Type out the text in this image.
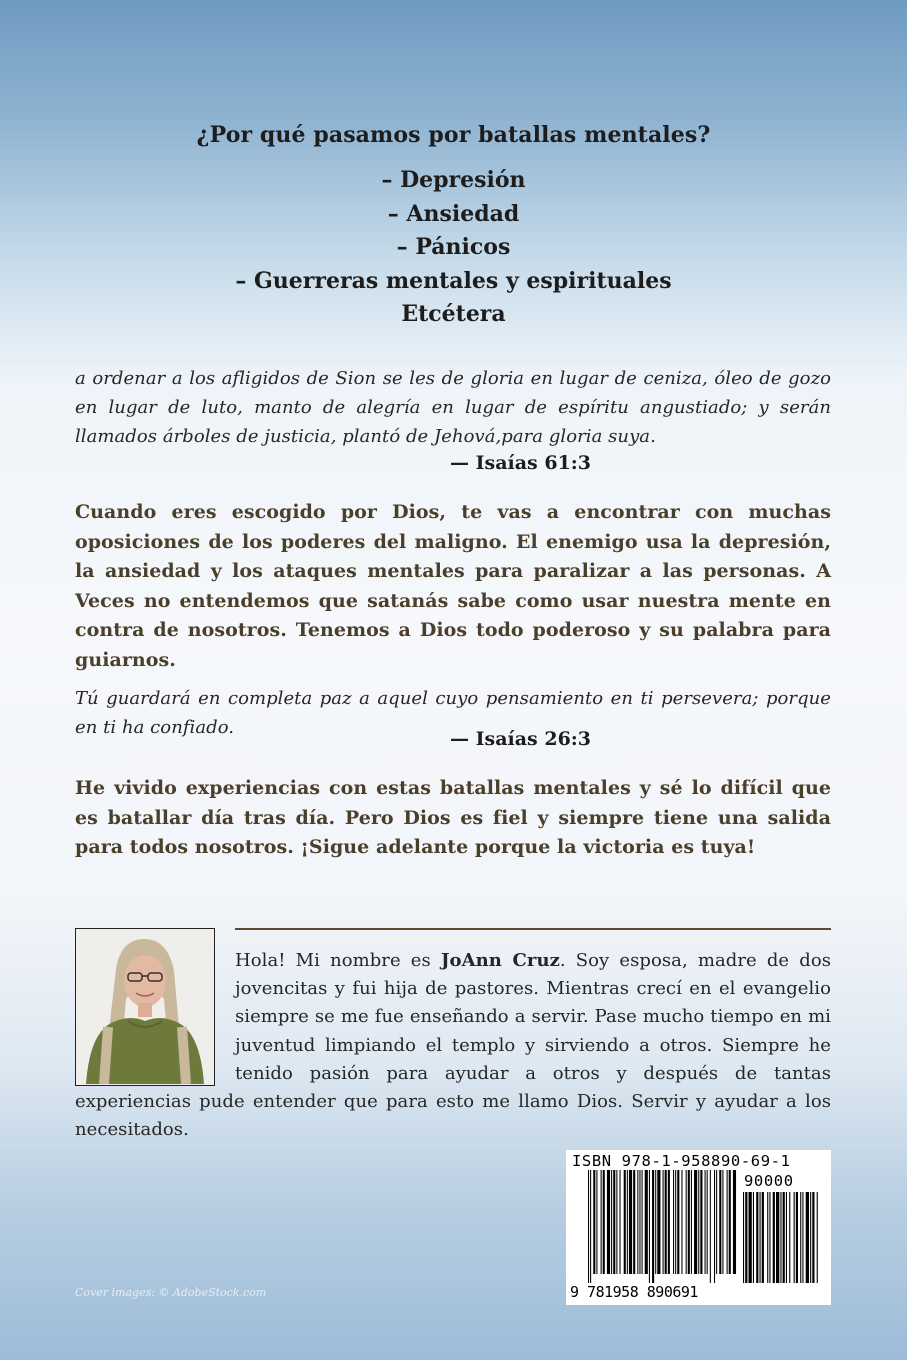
¿Por qué pasamos por batallas mentales?
– Depresión
– Ansiedad
– Pánicos
– Guerreras mentales y espirituales
Etcétera
a ordenar a los afligidos de Sion se les de gloria en lugar de ceniza, óleo de gozo en lugar de luto, manto de alegría en lugar de espíritu angustiado; y serán llamados árboles de justicia, plantó de Jehová,para gloria suya.
— Isaías 61:3
Cuando eres escogido por Dios, te vas a encontrar con muchas oposiciones de los poderes del maligno. El enemigo usa la depresión, la ansiedad y los ataques mentales para paralizar a las personas. A Veces no entendemos que satanás sabe como usar nuestra mente en contra de nosotros. Tenemos a Dios todo poderoso y su palabra para guiarnos.
Tú guardará en completa paz a aquel cuyo pensamiento en ti persevera; porque en ti ha confiado.
— Isaías 26:3
He vivido experiencias con estas batallas mentales y sé lo difícil que es batallar día tras día. Pero Dios es fiel y siempre tiene una salida para todos nosotros. ¡Sigue adelante porque la victoria es tuya!

Hola! Mi nombre es JoAnn Cruz. Soy esposa, madre de dos jovencitas y fui hija de pastores. Mientras crecí en el evangelio siempre se me fue enseñando a servir. Pase mucho tiempo en mi juventud limpiando el templo y sirviendo a otros. Siempre he tenido pasión para ayudar a otros y después de tantas experiencias pude entender que para esto me llamo Dios. Servir y ayudar a los necesitados.

ISBN 978-1-958890-69-1
90000
9 781958 890691
Cover images: © AdobeStock.com
